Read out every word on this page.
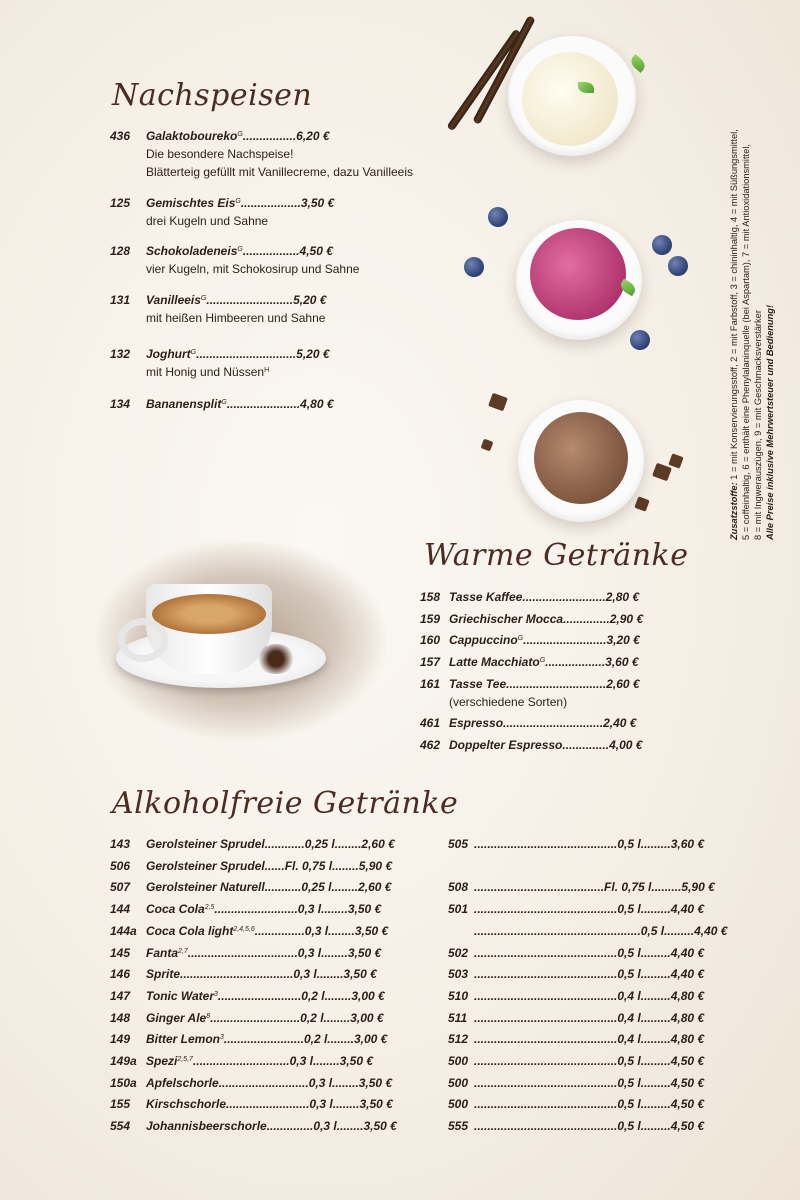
Nachspeisen
Warme Getränke
Alkoholfreie Getränke
436 Galaktoboureko$^G$................6,20 €
Die besondere Nachspeise!
Blätterteig gefüllt mit Vanillecreme, dazu Vanilleeis
125 Gemischtes Eis$^G$..................3,50 €
drei Kugeln und Sahne
128 Schokoladeneis$^G$.................4,50 €
vier Kugeln, mit Schokosirup und Sahne
131 Vanilleeis$^G$..........................5,20 €
mit heißen Himbeeren und Sahne
132 Joghurt$^G$..............................5,20 €
mit Honig und Nüssen$^H$
134 Bananensplit$^G$......................4,80 €
158 Tasse Kaffee.........................2,80 €
159 Griechischer Mocca..............2,90 €
160 Cappuccino$^G$.........................3,20 €
157 Latte Macchiato$^G$..................3,60 €
161 Tasse Tee..............................2,60 €
(verschiedene Sorten)
461 Espresso..............................2,40 €
462 Doppelter Espresso..............4,00 €
143 Gerolsteiner Sprudel............0,25 l........2,60 €
506 Gerolsteiner Sprudel......Fl. 0,75 l........5,90 €
507 Gerolsteiner Naturell...........0,25 l........2,60 €
144 Coca Cola$^{2,5}$.........................0,3 l........3,50 €
144a Coca Cola light$^{2,4,5,6}$...............0,3 l........3,50 €
145 Fanta$^{2,7}$.................................0,3 l........3,50 €
146 Sprite..................................0,3 l........3,50 €
147 Tonic Water$^3$.........................0,2 l........3,00 €
148 Ginger Ale$^8$...........................0,2 l........3,00 €
149 Bitter Lemon$^3$........................0,2 l........3,00 €
149a Spezi$^{2,5,7}$.............................0,3 l........3,50 €
150a Apfelschorle...........................0,3 l........3,50 €
155 Kirschschorle.........................0,3 l........3,50 €
554 Johannisbeerschorle..............0,3 l........3,50 €
505 ...........................................0,5 l.........3,60 €
508 .......................................Fl. 0,75 l.........5,90 €
501 ...........................................0,5 l.........4,40 €
..................................................0,5 l.........4,40 €
502 ...........................................0,5 l.........4,40 €
503 ...........................................0,5 l.........4,40 €
510 ...........................................0,4 l.........4,80 €
511 ...........................................0,4 l.........4,80 €
512 ...........................................0,4 l.........4,80 €
500 ...........................................0,5 l.........4,50 €
500 ...........................................0,5 l.........4,50 €
500 ...........................................0,5 l.........4,50 €
555 ...........................................0,5 l.........4,50 €
Zusatzstoffe: 1 = mit Konservierungsstoff, 2 = mit Farbstoff, 3 = chininhaltig, 4 = mit Süßungsmittel, 5 = coffeinhaltig, 6 = enthält eine Phenylalaninquelle (bei Aspartam), 7 = mit Antioxidationsmittel, 8 = mit Ingwerauszügen, 9 = mit Geschmacksverstärker Alle Preise inklusive Mehrwertsteuer und Bedienung!
